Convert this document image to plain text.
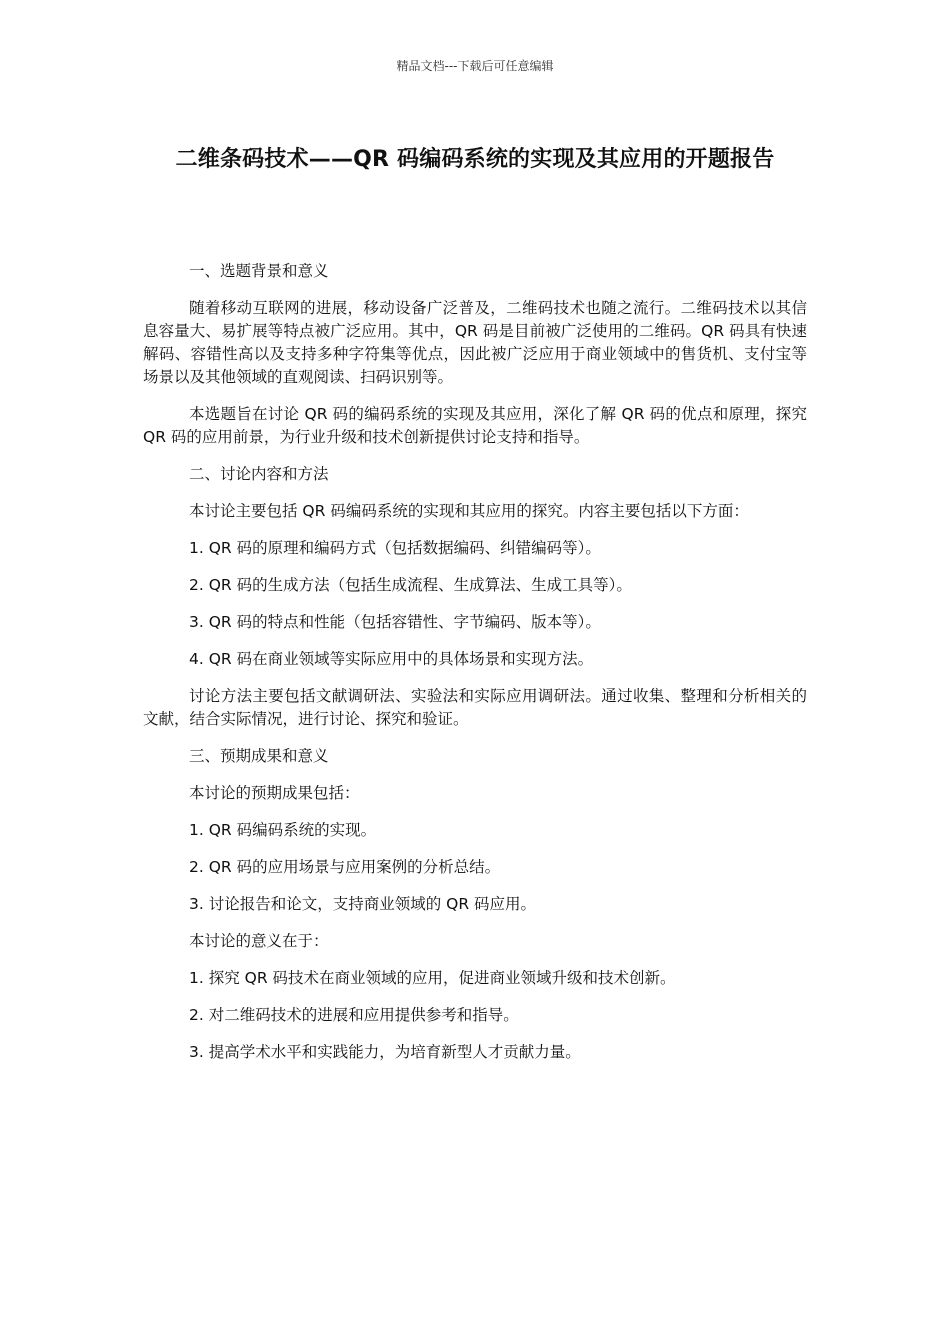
精品文档---下载后可任意编辑
二维条码技术——QR 码编码系统的实现及其应用的开题报告

一、选题背景和意义

随着移动互联网的进展，移动设备广泛普及，二维码技术也随之流行。二维码技术以其信息容量大、易扩展等特点被广泛应用。其中，QR 码是目前被广泛使用的二维码。QR 码具有快速解码、容错性高以及支持多种字符集等优点，因此被广泛应用于商业领域中的售货机、支付宝等场景以及其他领域的直观阅读、扫码识别等。

本选题旨在讨论 QR 码的编码系统的实现及其应用，深化了解 QR 码的优点和原理，探究 QR 码的应用前景，为行业升级和技术创新提供讨论支持和指导。

二、讨论内容和方法

本讨论主要包括 QR 码编码系统的实现和其应用的探究。内容主要包括以下方面：

1. QR 码的原理和编码方式（包括数据编码、纠错编码等）。

2. QR 码的生成方法（包括生成流程、生成算法、生成工具等）。

3. QR 码的特点和性能（包括容错性、字节编码、版本等）。

4. QR 码在商业领域等实际应用中的具体场景和实现方法。

讨论方法主要包括文献调研法、实验法和实际应用调研法。通过收集、整理和分析相关的文献，结合实际情况，进行讨论、探究和验证。

三、预期成果和意义

本讨论的预期成果包括：

1. QR 码编码系统的实现。

2. QR 码的应用场景与应用案例的分析总结。

3. 讨论报告和论文，支持商业领域的 QR 码应用。

本讨论的意义在于：

1. 探究 QR 码技术在商业领域的应用，促进商业领域升级和技术创新。

2. 对二维码技术的进展和应用提供参考和指导。

3. 提高学术水平和实践能力，为培育新型人才贡献力量。
